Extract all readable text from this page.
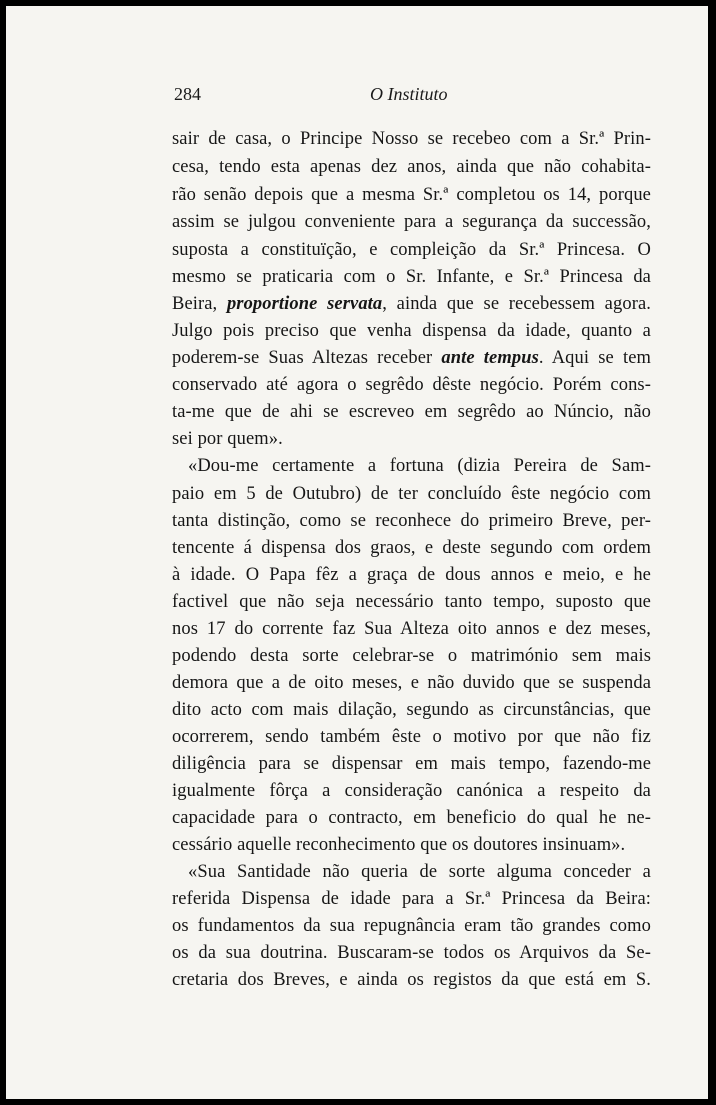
284	O Instituto
sair de casa, o Principe Nosso se recebeo com a Sr.ª Prin-
cesa, tendo esta apenas dez anos, ainda que não cohabita-
rão senão depois que a mesma Sr.ª completou os 14, porque
assim se julgou conveniente para a segurança da successão,
suposta a constituïção, e compleição da Sr.ª Princesa. O
mesmo se praticaria com o Sr. Infante, e Sr.ª Princesa da
Beira, proportione servata, ainda que se recebessem agora.
Julgo pois preciso que venha dispensa da idade, quanto a
poderem-se Suas Altezas receber ante tempus. Aqui se tem
conservado até agora o segrêdo dêste negócio. Porém cons-
ta-me que de ahi se escreveo em segrêdo ao Núncio, não
sei por quem».
«Dou-me certamente a fortuna (dizia Pereira de Sam-
paio em 5 de Outubro) de ter concluído êste negócio com
tanta distinção, como se reconhece do primeiro Breve, per-
tencente á dispensa dos graos, e deste segundo com ordem
à idade. O Papa fêz a graça de dous annos e meio, e he
factivel que não seja necessário tanto tempo, suposto que
nos 17 do corrente faz Sua Alteza oito annos e dez meses,
podendo desta sorte celebrar-se o matrimónio sem mais
demora que a de oito meses, e não duvido que se suspenda
dito acto com mais dilação, segundo as circunstâncias, que
ocorrerem, sendo também êste o motivo por que não fiz
diligência para se dispensar em mais tempo, fazendo-me
igualmente fôrça a consideração canónica a respeito da
capacidade para o contracto, em beneficio do qual he ne-
cessário aquelle reconhecimento que os doutores insinuam».
«Sua Santidade não queria de sorte alguma conceder a
referida Dispensa de idade para a Sr.ª Princesa da Beira:
os fundamentos da sua repugnância eram tão grandes como
os da sua doutrina. Buscaram-se todos os Arquivos da Se-
cretaria dos Breves, e ainda os registos da que está em S.
